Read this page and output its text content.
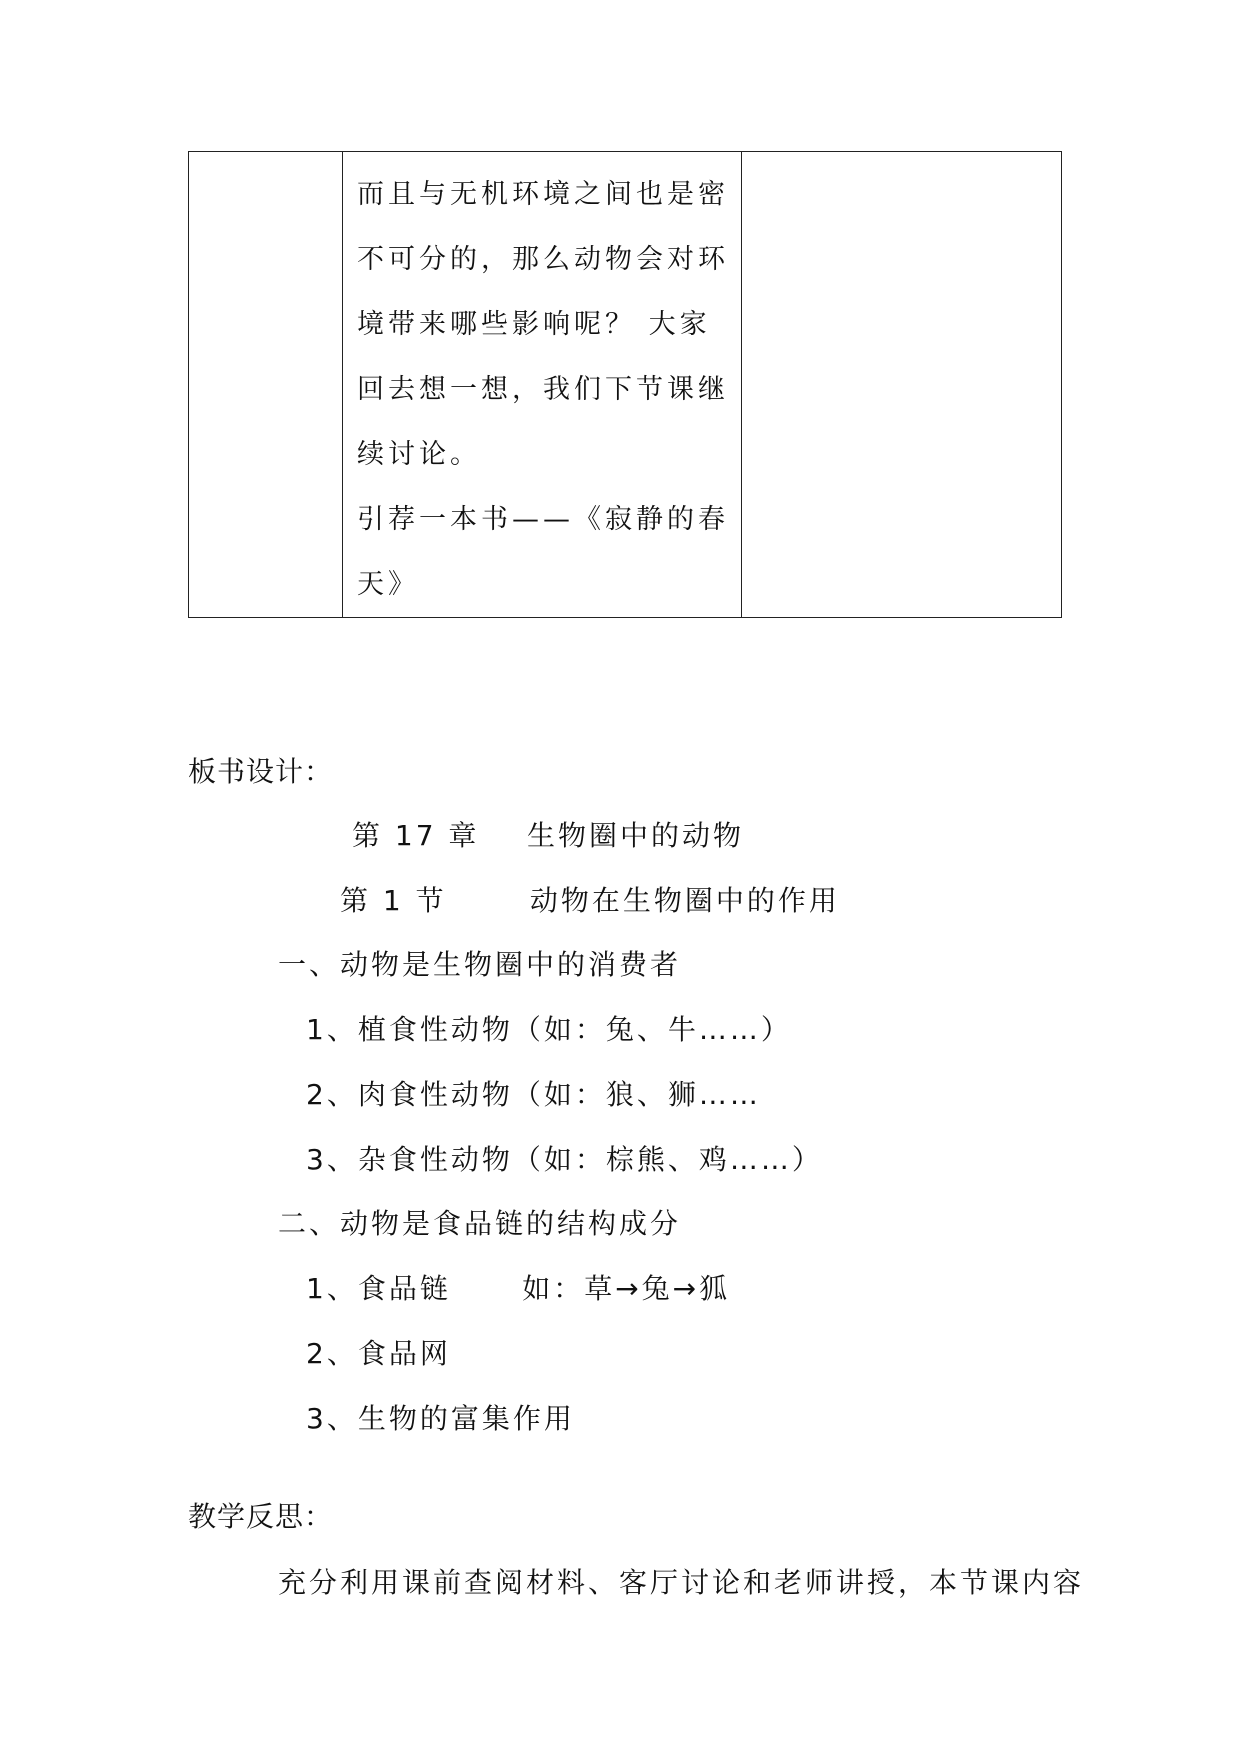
而且与无机环境之间也是密不可分的，那么动物会对环境带来哪些影响呢？ 大家回去想一想，我们下节课继续讨论。

引荐一本书——《寂静的春天》

板书设计：
第 17 章    生物圈中的动物
第 1 节       动物在生物圈中的作用
一、动物是生物圈中的消费者
1、植食性动物（如：兔、牛……）
2、肉食性动物（如：狼、狮……
3、杂食性动物（如：棕熊、鸡……）
二、动物是食品链的结构成分
1、食品链      如：草→兔→狐
2、食品网
3、生物的富集作用
教学反思：
充分利用课前查阅材料、客厅讨论和老师讲授，本节课内容
